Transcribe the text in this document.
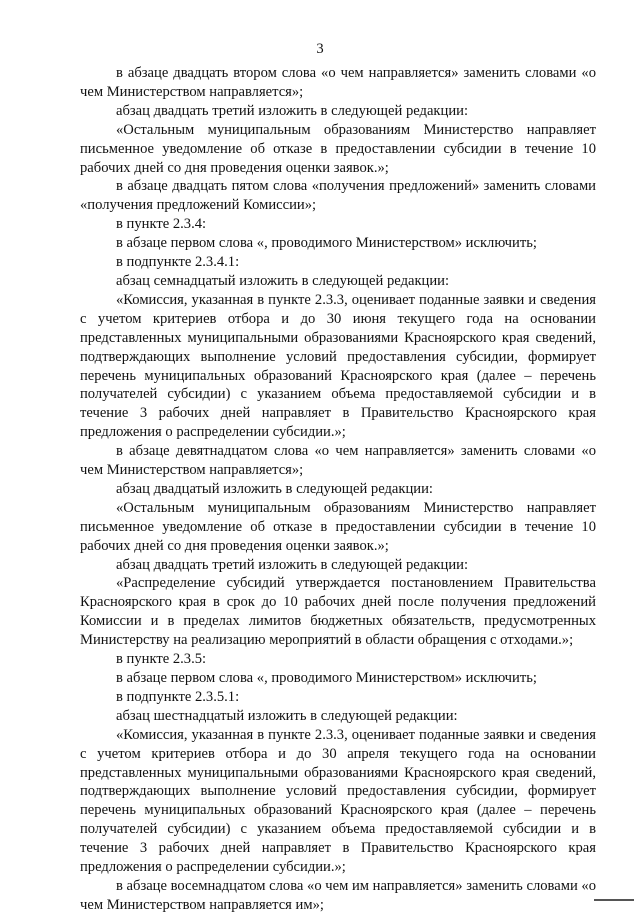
3

в абзаце двадцать втором слова «о чем направляется» заменить словами «о чем Министерством направляется»;

абзац двадцать третий изложить в следующей редакции:

«Остальным муниципальным образованиям Министерство направляет письменное уведомление об отказе в предоставлении субсидии в течение 10 рабочих дней со дня проведения оценки заявок.»;

в абзаце двадцать пятом слова «получения предложений» заменить словами «получения предложений Комиссии»;

в пункте 2.3.4:

в абзаце первом слова «, проводимого Министерством» исключить;

в подпункте 2.3.4.1:

абзац семнадцатый изложить в следующей редакции:

«Комиссия, указанная в пункте 2.3.3, оценивает поданные заявки и сведения с учетом критериев отбора и до 30 июня текущего года на основании представленных муниципальными образованиями Красноярского края сведений, подтверждающих выполнение условий предоставления субсидии, формирует перечень муниципальных образований Красноярского края (далее – перечень получателей субсидии) с указанием объема предоставляемой субсидии и в течение 3 рабочих дней направляет в Правительство Красноярского края предложения о распределении субсидии.»;

в абзаце девятнадцатом слова «о чем направляется» заменить словами «о чем Министерством направляется»;

абзац двадцатый изложить в следующей редакции:

«Остальным муниципальным образованиям Министерство направляет письменное уведомление об отказе в предоставлении субсидии в течение 10 рабочих дней со дня проведения оценки заявок.»;

абзац двадцать третий изложить в следующей редакции:

«Распределение субсидий утверждается постановлением Правительства Красноярского края в срок до 10 рабочих дней после получения предложений Комиссии и в пределах лимитов бюджетных обязательств, предусмотренных Министерству на реализацию мероприятий в области обращения с отходами.»;

в пункте 2.3.5:

в абзаце первом слова «, проводимого Министерством» исключить;

в подпункте 2.3.5.1:

абзац шестнадцатый изложить в следующей редакции:

«Комиссия, указанная в пункте 2.3.3, оценивает поданные заявки и сведения с учетом критериев отбора и до 30 апреля текущего года на основании представленных муниципальными образованиями Красноярского края сведений, подтверждающих выполнение условий предоставления субсидии, формирует перечень муниципальных образований Красноярского края (далее – перечень получателей субсидии) с указанием объема предоставляемой субсидии и в течение 3 рабочих дней направляет в Правительство Красноярского края предложения о распределении субсидии.»;

в абзаце восемнадцатом слова «о чем им направляется» заменить словами «о чем Министерством направляется им»;
